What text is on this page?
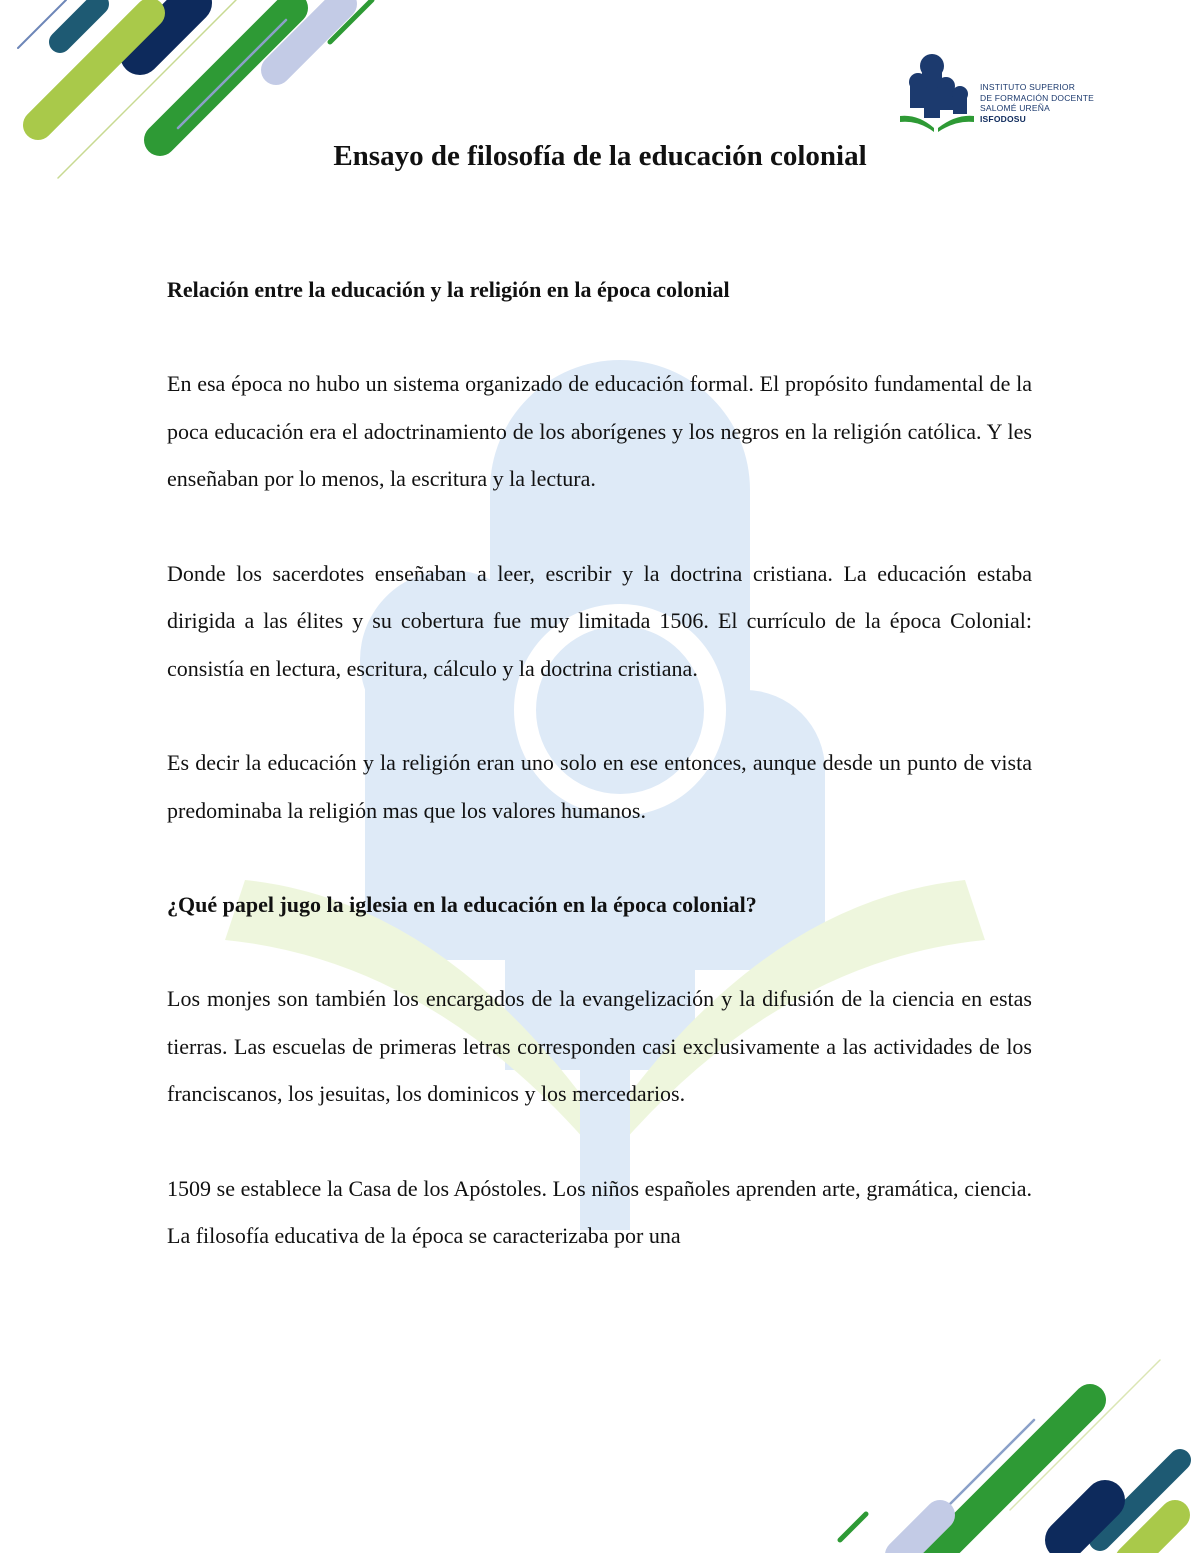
INSTITUTO SUPERIOR
DE FORMACIÓN DOCENTE
SALOMÉ UREÑA
ISFODOSU
Ensayo de filosofía de la educación colonial

Relación entre la educación y la religión en la época colonial

En esa época no hubo un sistema organizado de educación formal. El propósito fundamental de la poca educación era el adoctrinamiento de los aborígenes y los negros en la religión católica. Y les enseñaban por lo menos, la escritura y la lectura.

Donde los sacerdotes enseñaban a leer, escribir y la doctrina cristiana. La educación estaba dirigida a las élites y su cobertura fue muy limitada 1506. El currículo de la época Colonial: consistía en lectura, escritura, cálculo y la doctrina cristiana.

Es decir la educación y la religión eran uno solo en ese entonces, aunque desde un punto de vista predominaba la religión mas que los valores humanos.

¿Qué papel jugo la iglesia en la educación en la época colonial?

Los monjes son también los encargados de la evangelización y la difusión de la ciencia en estas tierras. Las escuelas de primeras letras corresponden casi exclusivamente a las actividades de los franciscanos, los jesuitas, los dominicos y los mercedarios.

1509 se establece la Casa de los Apóstoles. Los niños españoles aprenden arte, gramática, ciencia. La filosofía educativa de la época se caracterizaba por una
